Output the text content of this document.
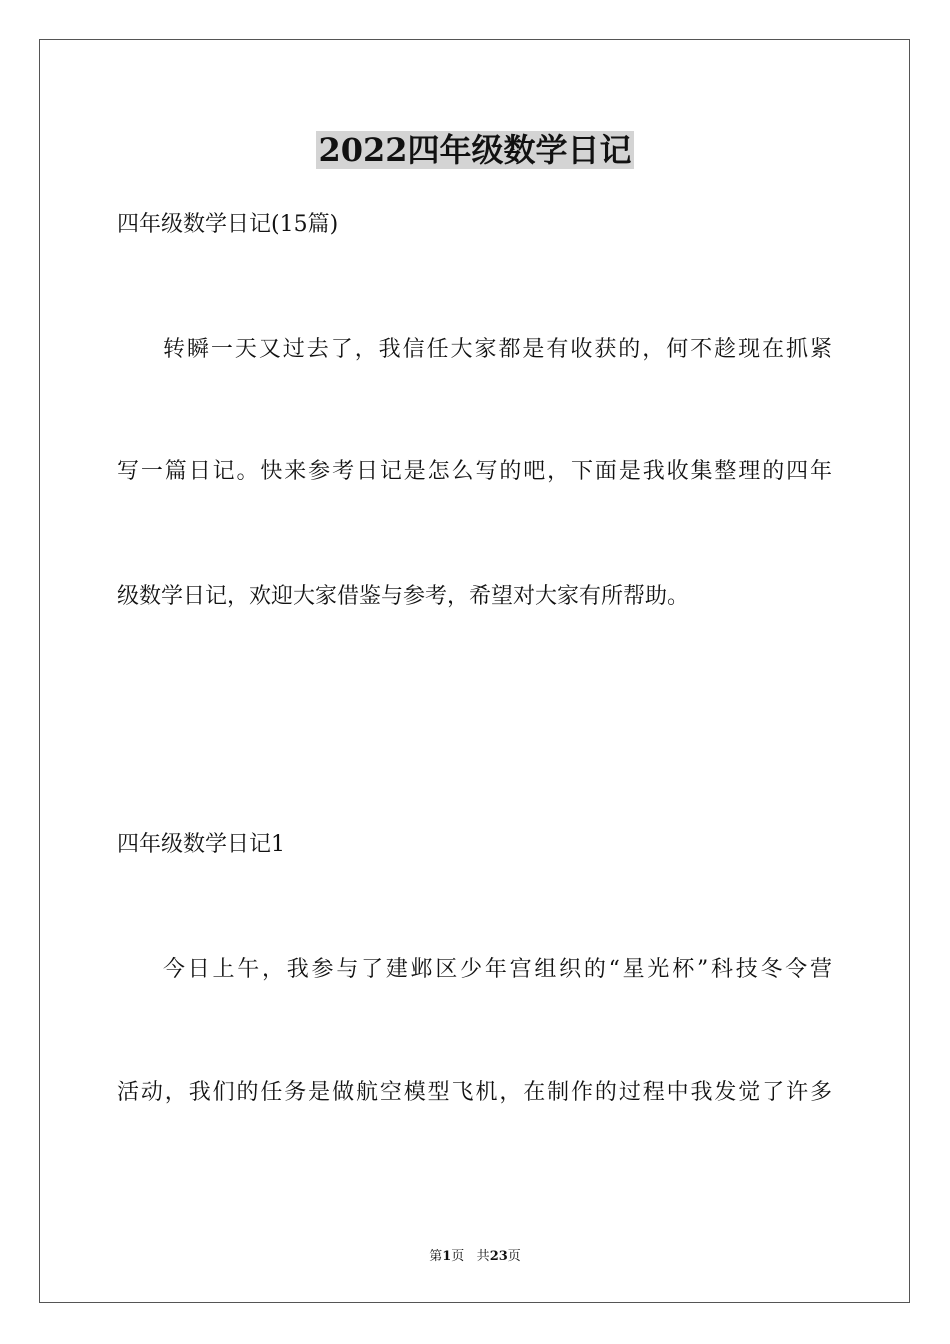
2022四年级数学日记
四年级数学日记(15篇)
转瞬一天又过去了，我信任大家都是有收获的，何不趁现在抓紧
写一篇日记。快来参考日记是怎么写的吧，下面是我收集整理的四年
级数学日记，欢迎大家借鉴与参考，希望对大家有所帮助。
四年级数学日记1
今日上午，我参与了建邺区少年宫组织的“星光杯”科技冬令营
活动，我们的任务是做航空模型飞机，在制作的过程中我发觉了许多
第1页 共23页
